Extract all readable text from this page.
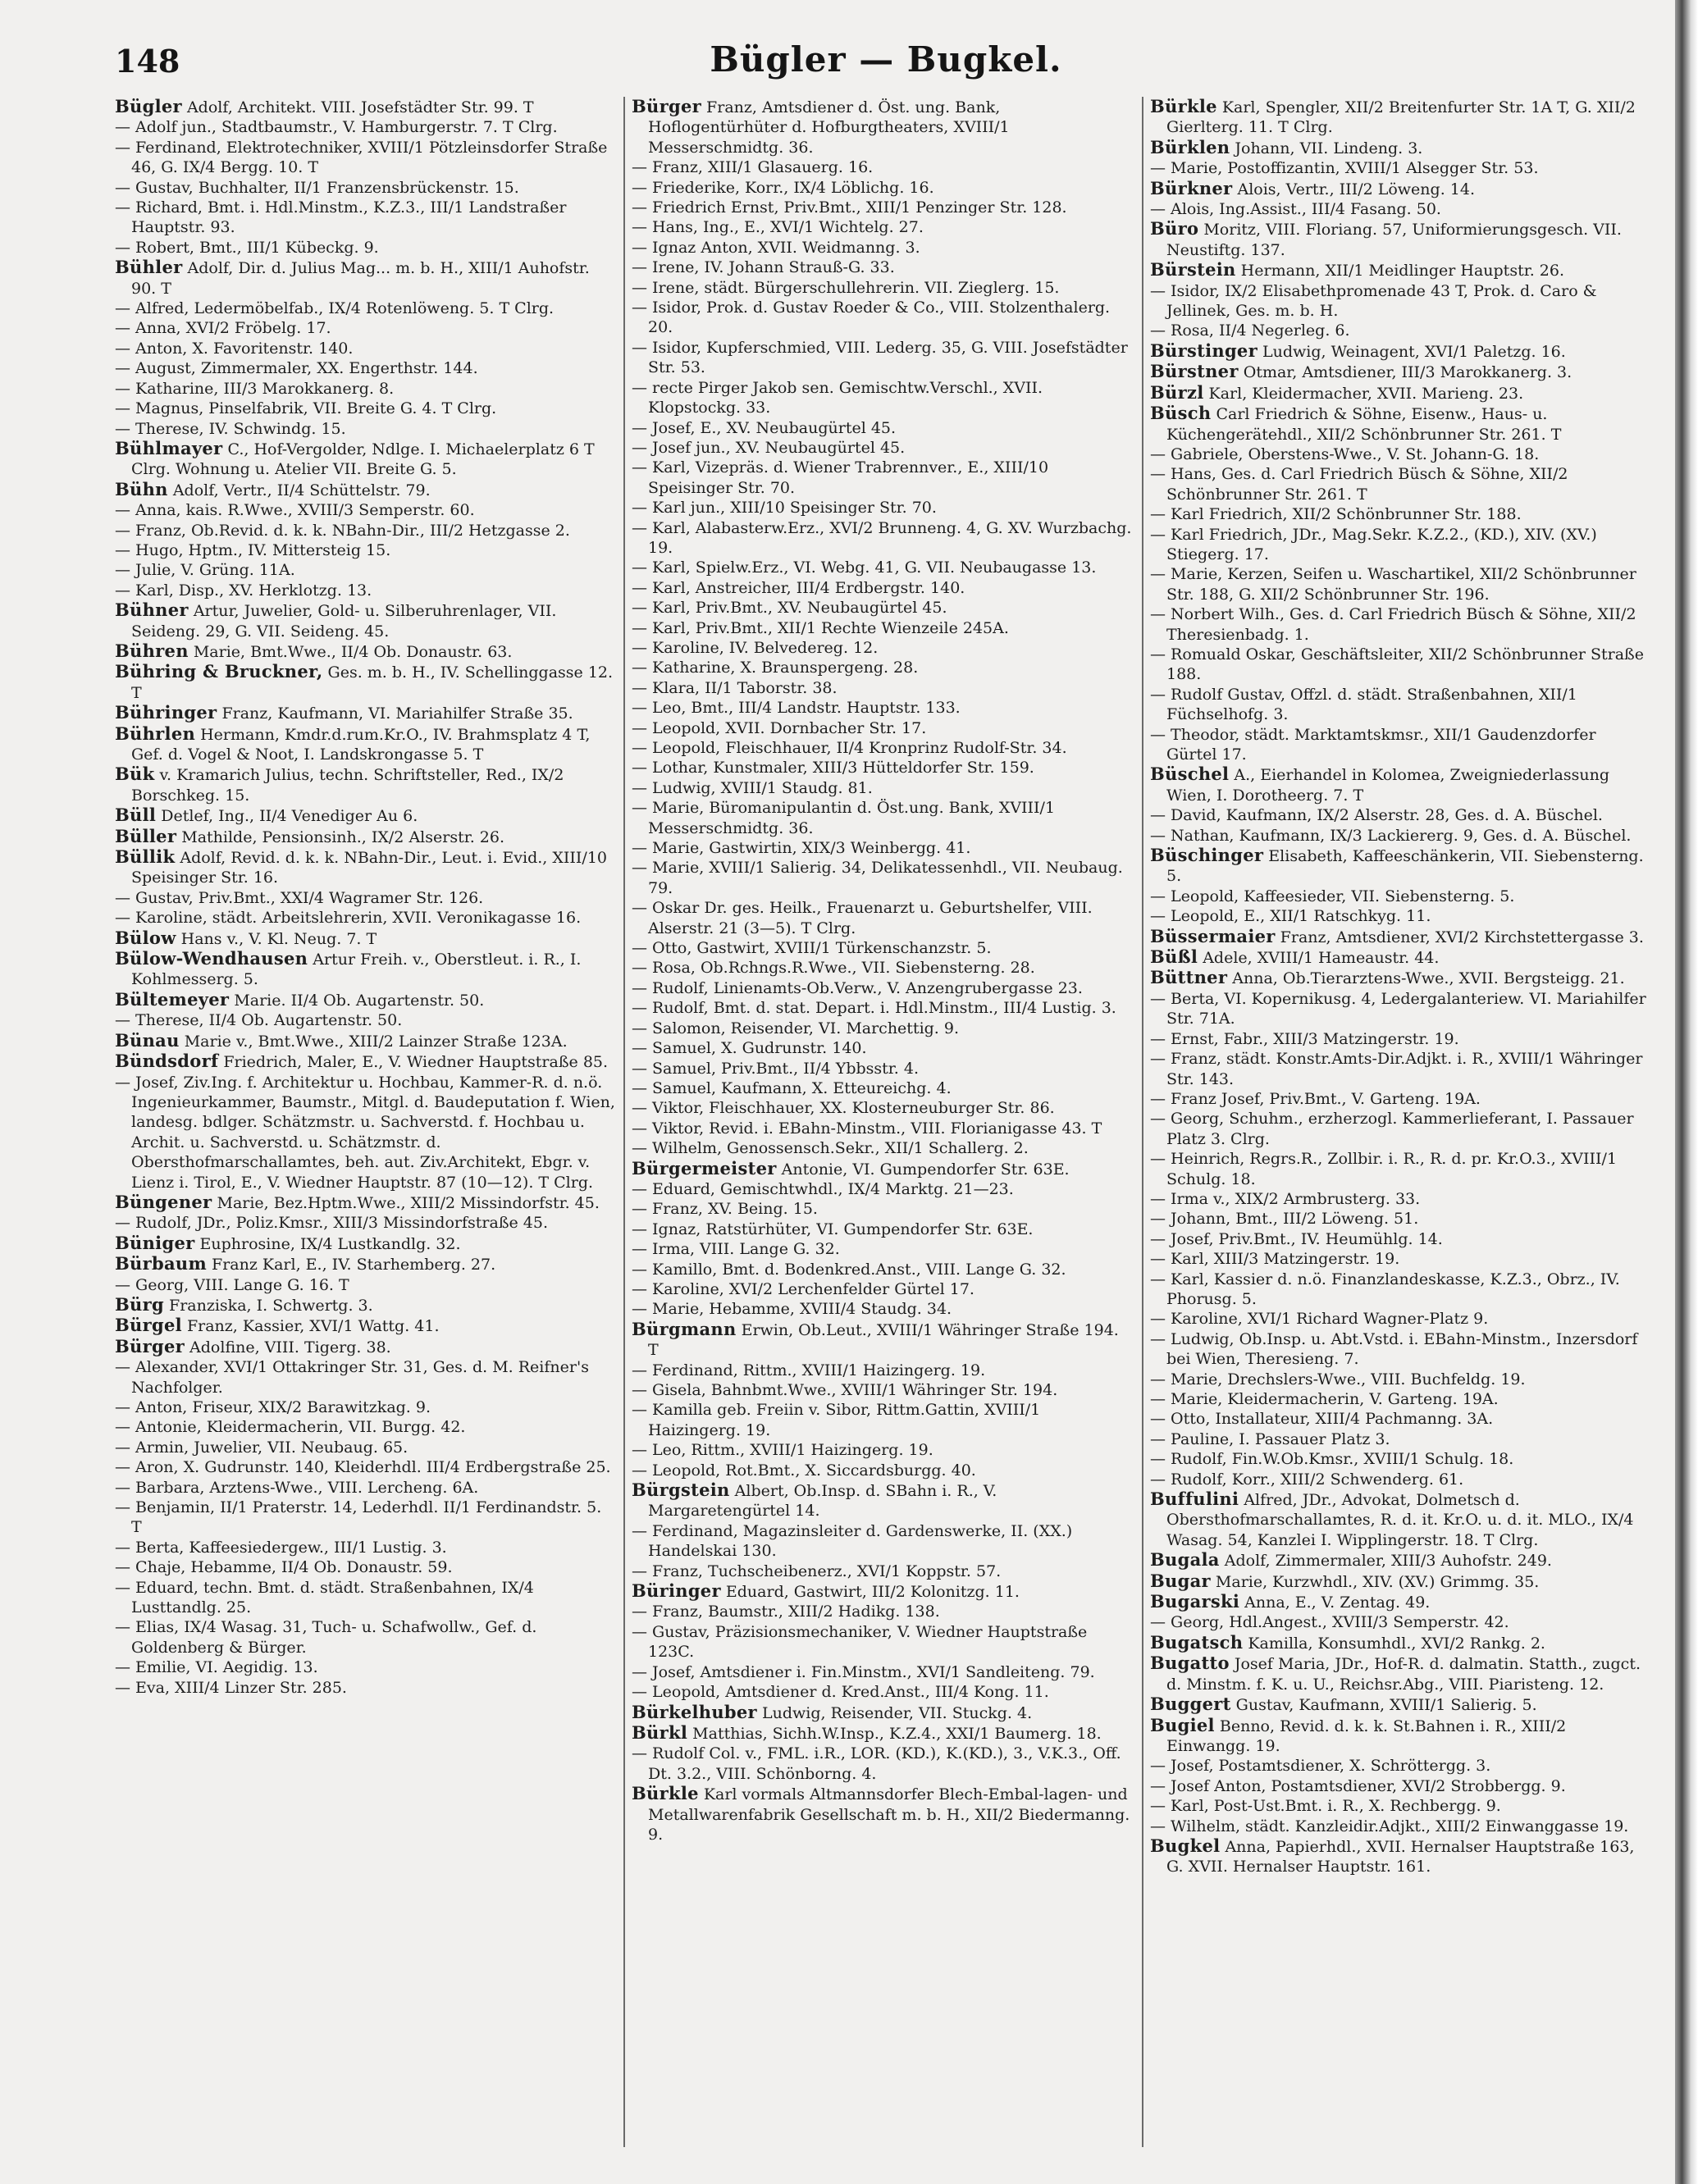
148	Bügler — Bugkel.
Bügler Adolf, Architekt. VIII. Josefstädter Str. 99. T
— Adolf jun., Stadtbaumstr., V. Hamburgerstr. 7. T Clrg.
— Ferdinand, Elektrotechniker, XVIII/1 Pötzleinsdorfer Straße 46, G. IX/4 Bergg. 10. T
— Gustav, Buchhalter, II/1 Franzensbrückenstr. 15.
— Richard, Bmt. i. Hdl.Minstm., K.Z.3., III/1 Landstraßer Hauptstr. 93.
— Robert, Bmt., III/1 Kübeckg. 9.
Bühler Adolf, Dir. d. Julius Mag... m. b. H., XIII/1 Auhofstr. 90. T
— Alfred, Ledermöbelfab., IX/4 Rotenlöweng. 5. T Clrg.
— Anna, XVI/2 Fröbelg. 17.
— Anton, X. Favoritenstr. 140.
— August, Zimmermaler, XX. Engerthstr. 144.
— Katharine, III/3 Marokkanerg. 8.
— Magnus, Pinselfabrik, VII. Breite G. 4. T Clrg.
— Therese, IV. Schwindg. 15.
Bühlmayer C., Hof-Vergolder, Ndlge. I. Michaelerplatz 6 T Clrg. Wohnung u. Atelier VII. Breite G. 5.
Bühn Adolf, Vertr., II/4 Schüttelstr. 79.
— Anna, kais. R.Wwe., XVIII/3 Semperstr. 60.
— Franz, Ob.Revid. d. k. k. NBahn-Dir., III/2 Hetzgasse 2.
— Hugo, Hptm., IV. Mittersteig 15.
— Julie, V. Grüng. 11A.
— Karl, Disp., XV. Herklotzg. 13.
Bühner Artur, Juwelier, Gold- u. Silberuhrenlager, VII. Seideng. 29, G. VII. Seideng. 45.
Bühren Marie, Bmt.Wwe., II/4 Ob. Donaustr. 63.
Bühring & Bruckner, Ges. m. b. H., IV. Schellinggasse 12. T
Bühringer Franz, Kaufmann, VI. Mariahilfer Straße 35.
Bührlen Hermann, Kmdr.d.rum.Kr.O., IV. Brahmsplatz 4 T, Gef. d. Vogel & Noot, I. Landskrongasse 5. T
Bük v. Kramarich Julius, techn. Schriftsteller, Red., IX/2 Borschkeg. 15.
Büll Detlef, Ing., II/4 Venediger Au 6.
Büller Mathilde, Pensionsinh., IX/2 Alserstr. 26.
Büllik Adolf, Revid. d. k. k. NBahn-Dir., Leut. i. Evid., XIII/10 Speisinger Str. 16.
— Gustav, Priv.Bmt., XXI/4 Wagramer Str. 126.
— Karoline, städt. Arbeitslehrerin, XVII. Veronikagasse 16.
Bülow Hans v., V. Kl. Neug. 7. T
Bülow-Wendhausen Artur Freih. v., Oberstleut. i. R., I. Kohlmesserg. 5.
Bültemeyer Marie. II/4 Ob. Augartenstr. 50.
— Therese, II/4 Ob. Augartenstr. 50.
Bünau Marie v., Bmt.Wwe., XIII/2 Lainzer Straße 123A.
Bündsdorf Friedrich, Maler, E., V. Wiedner Hauptstraße 85.
— Josef, Ziv.Ing. f. Architektur u. Hochbau, Kammer-R. d. n.ö. Ingenieurkammer, Baumstr., Mitgl. d. Baudeputation f. Wien, landesg. bdlger. Schätzmstr. u. Sachverstd. f. Hochbau u. Archit. u. Sachverstd. u. Schätzmstr. d. Obersthofmarschallamtes, beh. aut. Ziv.Architekt, Ebgr. v. Lienz i. Tirol, E., V. Wiedner Hauptstr. 87 (10—12). T Clrg.
Büngener Marie, Bez.Hptm.Wwe., XIII/2 Missindorfstr. 45.
— Rudolf, JDr., Poliz.Kmsr., XIII/3 Missindorfstraße 45.
Büniger Euphrosine, IX/4 Lustkandlg. 32.
Bürbaum Franz Karl, E., IV. Starhemberg. 27.
— Georg, VIII. Lange G. 16. T
Bürg Franziska, I. Schwertg. 3.
Bürgel Franz, Kassier, XVI/1 Wattg. 41.
Bürger Adolfine, VIII. Tigerg. 38.
— Alexander, XVI/1 Ottakringer Str. 31, Ges. d. M. Reifner's Nachfolger.
— Anton, Friseur, XIX/2 Barawitzkag. 9.
— Antonie, Kleidermacherin, VII. Burgg. 42.
— Armin, Juwelier, VII. Neubaug. 65.
— Aron, X. Gudrunstr. 140, Kleiderhdl. III/4 Erdbergstraße 25.
— Barbara, Arztens-Wwe., VIII. Lercheng. 6A.
— Benjamin, II/1 Praterstr. 14, Lederhdl. II/1 Ferdinandstr. 5. T
— Berta, Kaffeesiedergew., III/1 Lustig. 3.
— Chaje, Hebamme, II/4 Ob. Donaustr. 59.
— Eduard, techn. Bmt. d. städt. Straßenbahnen, IX/4 Lusttandlg. 25.
— Elias, IX/4 Wasag. 31, Tuch- u. Schafwollw., Gef. d. Goldenberg & Bürger.
— Emilie, VI. Aegidig. 13.
— Eva, XIII/4 Linzer Str. 285.
Bürger Franz, Amtsdiener d. Öst. ung. Bank, Hoflogentürhüter d. Hofburgtheaters, XVIII/1 Messerschmidtg. 36.
— Franz, XIII/1 Glasauerg. 16.
— Friederike, Korr., IX/4 Löblichg. 16.
— Friedrich Ernst, Priv.Bmt., XIII/1 Penzinger Str. 128.
— Hans, Ing., E., XVI/1 Wichtelg. 27.
— Ignaz Anton, XVII. Weidmanng. 3.
— Irene, IV. Johann Strauß-G. 33.
— Irene, städt. Bürgerschullehrerin. VII. Zieglerg. 15.
— Isidor, Prok. d. Gustav Roeder & Co., VIII. Stolzenthalerg. 20.
— Isidor, Kupferschmied, VIII. Lederg. 35, G. VIII. Josefstädter Str. 53.
— recte Pirger Jakob sen. Gemischtw.Verschl., XVII. Klopstockg. 33.
— Josef, E., XV. Neubaugürtel 45.
— Josef jun., XV. Neubaugürtel 45.
— Karl, Vizepräs. d. Wiener Trabrennver., E., XIII/10 Speisinger Str. 70.
— Karl jun., XIII/10 Speisinger Str. 70.
— Karl, Alabasterw.Erz., XVI/2 Brunneng. 4, G. XV. Wurzbachg. 19.
— Karl, Spielw.Erz., VI. Webg. 41, G. VII. Neubaugasse 13.
— Karl, Anstreicher, III/4 Erdbergstr. 140.
— Karl, Priv.Bmt., XV. Neubaugürtel 45.
— Karl, Priv.Bmt., XII/1 Rechte Wienzeile 245A.
— Karoline, IV. Belvedereg. 12.
— Katharine, X. Braunspergeng. 28.
— Klara, II/1 Taborstr. 38.
— Leo, Bmt., III/4 Landstr. Hauptstr. 133.
— Leopold, XVII. Dornbacher Str. 17.
— Leopold, Fleischhauer, II/4 Kronprinz Rudolf-Str. 34.
— Lothar, Kunstmaler, XIII/3 Hütteldorfer Str. 159.
— Ludwig, XVIII/1 Staudg. 81.
— Marie, Büromanipulantin d. Öst.ung. Bank, XVIII/1 Messerschmidtg. 36.
— Marie, Gastwirtin, XIX/3 Weinbergg. 41.
— Marie, XVIII/1 Salierig. 34, Delikatessenhdl., VII. Neubaug. 79.
— Oskar Dr. ges. Heilk., Frauenarzt u. Geburtshelfer, VIII. Alserstr. 21 (3—5). T Clrg.
— Otto, Gastwirt, XVIII/1 Türkenschanzstr. 5.
— Rosa, Ob.Rchngs.R.Wwe., VII. Siebensterng. 28.
— Rudolf, Linienamts-Ob.Verw., V. Anzengrubergasse 23.
— Rudolf, Bmt. d. stat. Depart. i. Hdl.Minstm., III/4 Lustig. 3.
— Salomon, Reisender, VI. Marchettig. 9.
— Samuel, X. Gudrunstr. 140.
— Samuel, Priv.Bmt., II/4 Ybbsstr. 4.
— Samuel, Kaufmann, X. Etteureichg. 4.
— Viktor, Fleischhauer, XX. Klosterneuburger Str. 86.
— Viktor, Revid. i. EBahn-Minstm., VIII. Florianigasse 43. T
— Wilhelm, Genossensch.Sekr., XII/1 Schallerg. 2.
Bürgermeister Antonie, VI. Gumpendorfer Str. 63E.
— Eduard, Gemischtwhdl., IX/4 Marktg. 21—23.
— Franz, XV. Being. 15.
— Ignaz, Ratstürhüter, VI. Gumpendorfer Str. 63E.
— Irma, VIII. Lange G. 32.
— Kamillo, Bmt. d. Bodenkred.Anst., VIII. Lange G. 32.
— Karoline, XVI/2 Lerchenfelder Gürtel 17.
— Marie, Hebamme, XVIII/4 Staudg. 34.
Bürgmann Erwin, Ob.Leut., XVIII/1 Währinger Straße 194. T
— Ferdinand, Rittm., XVIII/1 Haizingerg. 19.
— Gisela, Bahnbmt.Wwe., XVIII/1 Währinger Str. 194.
— Kamilla geb. Freiin v. Sibor, Rittm.Gattin, XVIII/1 Haizingerg. 19.
— Leo, Rittm., XVIII/1 Haizingerg. 19.
— Leopold, Rot.Bmt., X. Siccardsburgg. 40.
Bürgstein Albert, Ob.Insp. d. SBahn i. R., V. Margaretengürtel 14.
— Ferdinand, Magazinsleiter d. Gardenswerke, II. (XX.) Handelskai 130.
— Franz, Tuchscheibenerz., XVI/1 Koppstr. 57.
Büringer Eduard, Gastwirt, III/2 Kolonitzg. 11.
— Franz, Baumstr., XIII/2 Hadikg. 138.
— Gustav, Präzisionsmechaniker, V. Wiedner Hauptstraße 123C.
— Josef, Amtsdiener i. Fin.Minstm., XVI/1 Sandleiteng. 79.
— Leopold, Amtsdiener d. Kred.Anst., III/4 Kong. 11.
Bürkelhuber Ludwig, Reisender, VII. Stuckg. 4.
Bürkl Matthias, Sichh.W.Insp., K.Z.4., XXI/1 Baumerg. 18.
— Rudolf Col. v., FML. i.R., LOR. (KD.), K.(KD.), 3., V.K.3., Off. Dt. 3.2., VIII. Schönborng. 4.
Bürkle Karl vormals Altmannsdorfer Blech-Embal-lagen- und Metallwarenfabrik Gesellschaft m. b. H., XII/2 Biedermanng. 9.
Bürkle Karl, Spengler, XII/2 Breitenfurter Str. 1A T, G. XII/2 Gierlterg. 11. T Clrg.
Bürklen Johann, VII. Lindeng. 3.
— Marie, Postoffizantin, XVIII/1 Alsegger Str. 53.
Bürkner Alois, Vertr., III/2 Löweng. 14.
— Alois, Ing.Assist., III/4 Fasang. 50.
Büro Moritz, VIII. Floriang. 57, Uniformierungsgesch. VII. Neustiftg. 137.
Bürstein Hermann, XII/1 Meidlinger Hauptstr. 26.
— Isidor, IX/2 Elisabethpromenade 43 T, Prok. d. Caro & Jellinek, Ges. m. b. H.
— Rosa, II/4 Negerleg. 6.
Bürstinger Ludwig, Weinagent, XVI/1 Paletzg. 16.
Bürstner Otmar, Amtsdiener, III/3 Marokkanerg. 3.
Bürzl Karl, Kleidermacher, XVII. Marieng. 23.
Büsch Carl Friedrich & Söhne, Eisenw., Haus- u. Küchengerätehdl., XII/2 Schönbrunner Str. 261. T
— Gabriele, Oberstens-Wwe., V. St. Johann-G. 18.
— Hans, Ges. d. Carl Friedrich Büsch & Söhne, XII/2 Schönbrunner Str. 261. T
— Karl Friedrich, XII/2 Schönbrunner Str. 188.
— Karl Friedrich, JDr., Mag.Sekr. K.Z.2., (KD.), XIV. (XV.) Stiegerg. 17.
— Marie, Kerzen, Seifen u. Waschartikel, XII/2 Schönbrunner Str. 188, G. XII/2 Schönbrunner Str. 196.
— Norbert Wilh., Ges. d. Carl Friedrich Büsch & Söhne, XII/2 Theresienbadg. 1.
— Romuald Oskar, Geschäftsleiter, XII/2 Schönbrunner Straße 188.
— Rudolf Gustav, Offzl. d. städt. Straßenbahnen, XII/1 Füchselhofg. 3.
— Theodor, städt. Marktamtskmsr., XII/1 Gaudenzdorfer Gürtel 17.
Büschel A., Eierhandel in Kolomea, Zweigniederlassung Wien, I. Dorotheerg. 7. T
— David, Kaufmann, IX/2 Alserstr. 28, Ges. d. A. Büschel.
— Nathan, Kaufmann, IX/3 Lackiererg. 9, Ges. d. A. Büschel.
Büschinger Elisabeth, Kaffeeschänkerin, VII. Siebensterng. 5.
— Leopold, Kaffeesieder, VII. Siebensterng. 5.
— Leopold, E., XII/1 Ratschkyg. 11.
Büssermaier Franz, Amtsdiener, XVI/2 Kirchstettergasse 3.
Büßl Adele, XVIII/1 Hameaustr. 44.
Büttner Anna, Ob.Tierarztens-Wwe., XVII. Bergsteigg. 21.
— Berta, VI. Kopernikusg. 4, Ledergalanteriew. VI. Mariahilfer Str. 71A.
— Ernst, Fabr., XIII/3 Matzingerstr. 19.
— Franz, städt. Konstr.Amts-Dir.Adjkt. i. R., XVIII/1 Währinger Str. 143.
— Franz Josef, Priv.Bmt., V. Garteng. 19A.
— Georg, Schuhm., erzherzogl. Kammerlieferant, I. Passauer Platz 3. Clrg.
— Heinrich, Regrs.R., Zollbir. i. R., R. d. pr. Kr.O.3., XVIII/1 Schulg. 18.
— Irma v., XIX/2 Armbrusterg. 33.
— Johann, Bmt., III/2 Löweng. 51.
— Josef, Priv.Bmt., IV. Heumühlg. 14.
— Karl, XIII/3 Matzingerstr. 19.
— Karl, Kassier d. n.ö. Finanzlandeskasse, K.Z.3., Obrz., IV. Phorusg. 5.
— Karoline, XVI/1 Richard Wagner-Platz 9.
— Ludwig, Ob.Insp. u. Abt.Vstd. i. EBahn-Minstm., Inzersdorf bei Wien, Theresieng. 7.
— Marie, Drechslers-Wwe., VIII. Buchfeldg. 19.
— Marie, Kleidermacherin, V. Garteng. 19A.
— Otto, Installateur, XIII/4 Pachmanng. 3A.
— Pauline, I. Passauer Platz 3.
— Rudolf, Fin.W.Ob.Kmsr., XVIII/1 Schulg. 18.
— Rudolf, Korr., XIII/2 Schwenderg. 61.
Buffulini Alfred, JDr., Advokat, Dolmetsch d. Obersthofmarschallamtes, R. d. it. Kr.O. u. d. it. MLO., IX/4 Wasag. 54, Kanzlei I. Wipplingerstr. 18. T Clrg.
Bugala Adolf, Zimmermaler, XIII/3 Auhofstr. 249.
Bugar Marie, Kurzwhdl., XIV. (XV.) Grimmg. 35.
Bugarski Anna, E., V. Zentag. 49.
— Georg, Hdl.Angest., XVIII/3 Semperstr. 42.
Bugatsch Kamilla, Konsumhdl., XVI/2 Rankg. 2.
Bugatto Josef Maria, JDr., Hof-R. d. dalmatin. Statth., zugct. d. Minstm. f. K. u. U., Reichsr.Abg., VIII. Piaristeng. 12.
Buggert Gustav, Kaufmann, XVIII/1 Salierig. 5.
Bugiel Benno, Revid. d. k. k. St.Bahnen i. R., XIII/2 Einwangg. 19.
— Josef, Postamtsdiener, X. Schröttergg. 3.
— Josef Anton, Postamtsdiener, XVI/2 Strobbergg. 9.
— Karl, Post-Ust.Bmt. i. R., X. Rechbergg. 9.
— Wilhelm, städt. Kanzleidir.Adjkt., XIII/2 Einwanggasse 19.
Bugkel Anna, Papierhdl., XVII. Hernalser Hauptstraße 163, G. XVII. Hernalser Hauptstr. 161.
